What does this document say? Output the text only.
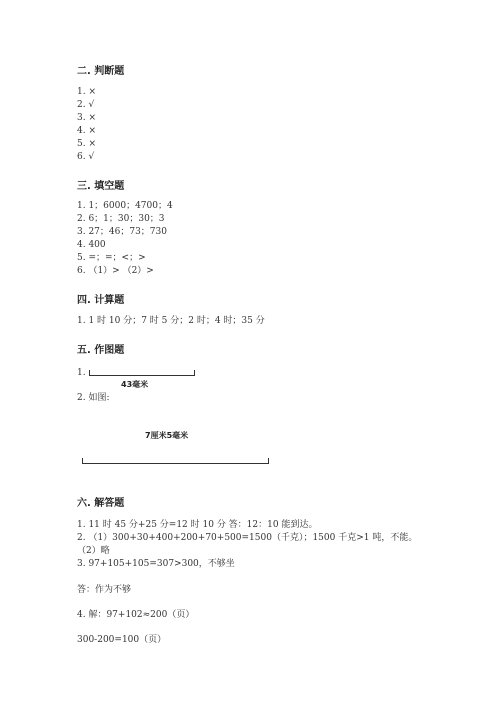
二. 判断题
1. ×
2. √
3. ×
4. ×
5. ×
6. √
三. 填空题
1. 1；6000；4700；4
2. 6；1；30；30；3
3. 27；46；73；730
4. 400
5. =；=；<；>
6. （1）> （2）>
四. 计算题
1. 1 时 10 分；7 时 5 分；2 时；4 时；35 分
五. 作图题
1.
43毫米
2. 如图:
7厘米5毫米
六. 解答题
1. 11 时 45 分+25 分=12 时 10 分 答：12：10 能到达。
2. （1）300+30+400+200+70+500=1500（千克）；1500 千克>1 吨，不能。
（2）略
3. 97+105+105=307>300，不够坐
答：作为不够
4. 解：97+102≈200（页）
300-200=100（页）
